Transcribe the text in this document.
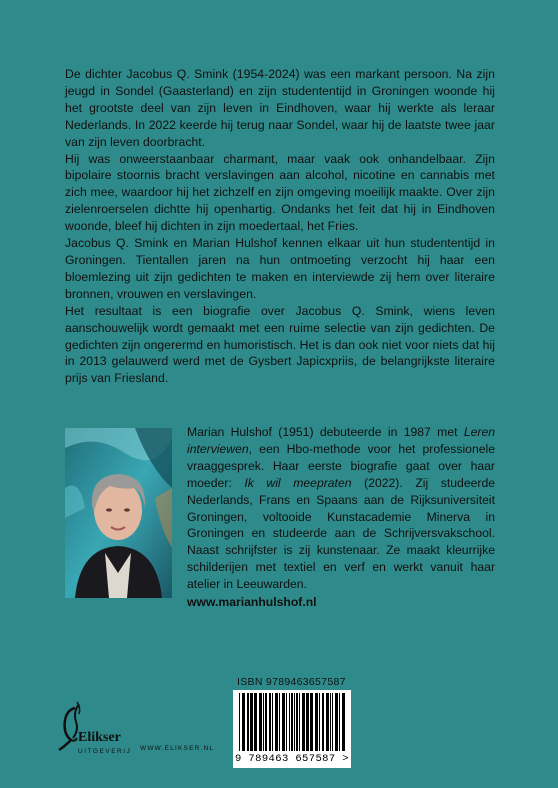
De dichter Jacobus Q. Smink (1954-2024) was een markant persoon. Na zijn jeugd in Sondel (Gaasterland) en zijn studententijd in Groningen woonde hij het grootste deel van zijn leven in Eindhoven, waar hij werkte als leraar Nederlands. In 2022 keerde hij terug naar Sondel, waar hij de laatste twee jaar van zijn leven doorbracht.

Hij was onweerstaanbaar charmant, maar vaak ook onhandelbaar. Zijn bipolaire stoornis bracht verslavingen aan alcohol, nicotine en cannabis met zich mee, waardoor hij het zichzelf en zijn omgeving moeilijk maakte. Over zijn zielenroerselen dichtte hij openhartig. Ondanks het feit dat hij in Eindhoven woonde, bleef hij dichten in zijn moedertaal, het Fries.

Jacobus Q. Smink en Marian Hulshof kennen elkaar uit hun studententijd in Groningen. Tientallen jaren na hun ontmoeting verzocht hij haar een bloemlezing uit zijn gedichten te maken en interviewde zij hem over literaire bronnen, vrouwen en verslavingen.

Het resultaat is een biografie over Jacobus Q. Smink, wiens leven aanschouwelijk wordt gemaakt met een ruime selectie van zijn gedichten. De gedichten zijn ongerermd en humoristisch. Het is dan ook niet voor niets dat hij in 2013 gelauwerd werd met de Gysbert Japicxpriis, de belangrijkste literaire prijs van Friesland.

Marian Hulshof (1951) debuteerde in 1987 met Leren interviewen, een Hbo-methode voor het professionele vraaggesprek. Haar eerste biografie gaat over haar moeder: Ik wil meepraten (2022). Zij studeerde Nederlands, Frans en Spaans aan de Rijksuniversiteit Groningen, voltooide Kunstacademie Minerva in Groningen en studeerde aan de Schrijversvakschool. Naast schrijfster is zij kunstenaar. Ze maakt kleurrijke schilderijen met textiel en verf en werkt vanuit haar atelier in Leeuwarden.

www.marianhulshof.nl

ISBN 9789463657587
9 789463 657587 >
Elikser
UITGEVERIJ WWW.ELIKSER.NL
